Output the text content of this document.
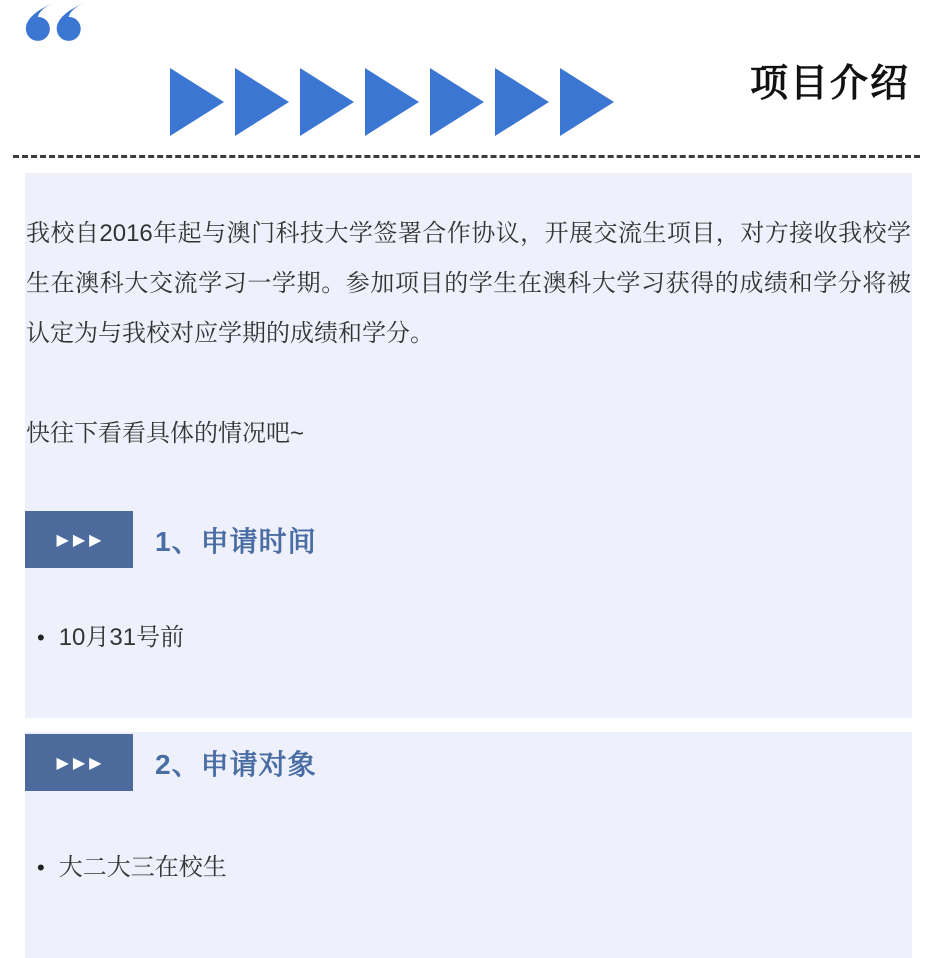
项目介绍

我校自2016年起与澳门科技大学签署合作协议，开展交流生项目，对方接收我校学生在澳科大交流学习一学期。参加项目的学生在澳科大学习获得的成绩和学分将被认定为与我校对应学期的成绩和学分。

快往下看看具体的情况吧~

▶▶▶	1、申请时间
• 10月31号前
▶▶▶	2、申请对象
• 大二大三在校生
